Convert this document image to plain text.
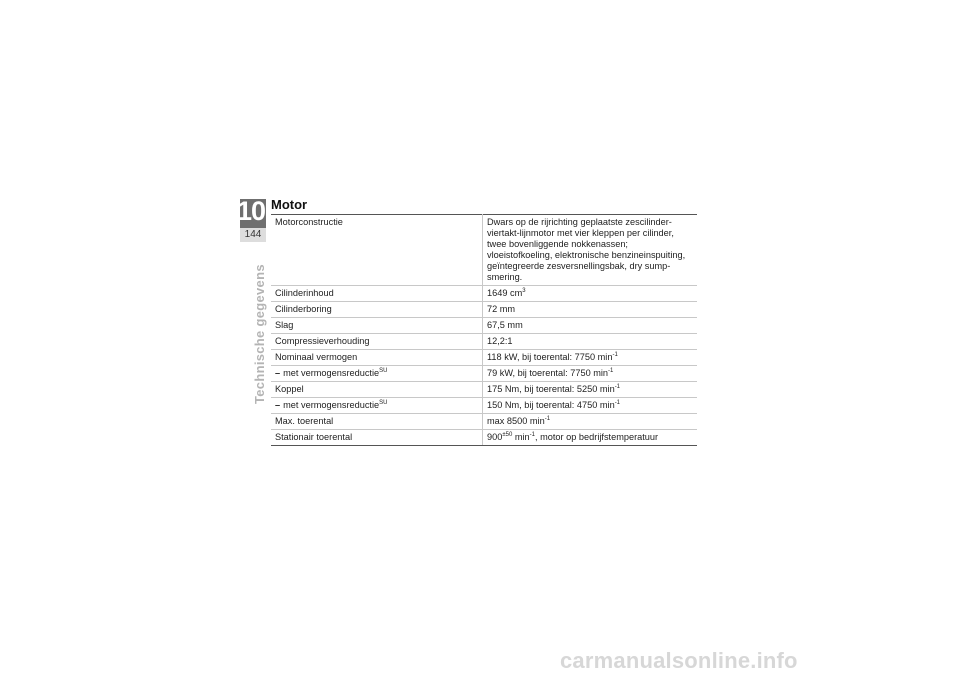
10
144
Technische gegevens
Motor
Motorconstructie	Dwars op de rijrichting geplaatste zescilinder-viertakt-lijnmotor met vier kleppen per cilinder, twee bovenliggende nokkenassen; vloeistofkoeling, elektronische benzineinspuiting, geïntegreerde zesversnellingsbak, dry sump-smering.
Cilinderinhoud	1649 $cm^3$
Cilinderboring	72 mm
Slag	67,5 mm
Compressieverhouding	12,2:1
Nominaal vermogen	118 kW, bij toerental: 7750 $\min^{-1}$
– met vermogensreductie$^{SU}$	79 kW, bij toerental: 7750 $\min^{-1}$
Koppel	175 Nm, bij toerental: 5250 $\min^{-1}$
– met vermogensreductie$^{SU}$	150 Nm, bij toerental: 4750 $\min^{-1}$
Max. toerental	max 8500 $\min^{-1}$
Stationair toerental	$900^{\pm 50}$ $\min^{-1}$, motor op bedrijfstemperatuur
carmanualsonline.info
